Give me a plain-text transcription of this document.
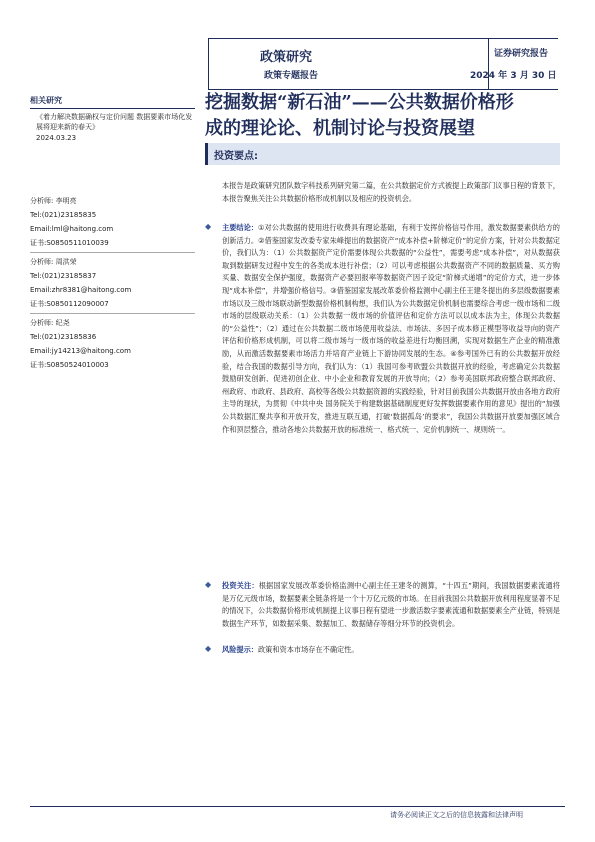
政策研究
政策专题报告
证券研究报告
2024 年 3 月 30 日
挖掘数据“新石油”——公共数据价格形
成的理论论、机制讨论与投资展望
投资要点:
相关研究
《着力解决数据确权与定价问题 数据要素市场化发展将迎来新的春天》
2024.03.23
分析师: 李明亮
Tel:(021)23185835
Email:lml@haitong.com
证书:S0850511010039
分析师: 周洪荣
Tel:(021)23185837
Email:zhr8381@haitong.com
证书:S0850112090007
分析师: 纪尧
Tel:(021)23185836
Email:jy14213@haitong.com
证书:S0850524010003
本报告是政策研究团队数字科技系列研究第二篇，在公共数据定价方式被提上政策部门议事日程的背景下，本报告聚焦关注公共数据价格形成机制以及相应的投资机会。
◆
主要结论：①对公共数据的使用进行收费具有理论基础，有利于发挥价格信号作用，激发数据要素供给方的创新活力。②借鉴国家发改委专家朱峰提出的数据资产“成本补偿+阶梯定价”的定价方案，针对公共数据定价，我们认为：（1）公共数据资产定价需要体现公共数据的“公益性”，需要考虑“成本补偿”，对从数据获取到数据研发过程中发生的各类成本进行补偿；（2）可以考虑根据公共数据资产不同的数据质量、买方购买量、数据安全保护强度，数据资产必要回报率等数据资产因子设定“阶梯式递增”的定价方式，进一步体现“成本补偿”，并增强价格信号。③借鉴国家发展改革委价格监测中心副主任王建冬提出的多层级数据要素市场以及三级市场联动新型数据价格机制构想，我们认为公共数据定价机制也需要综合考虑一级市场和二级市场的层级联动关系：（1）公共数据一级市场的价值评估和定价方法可以以成本法为主，体现公共数据的“公益性”；（2）通过在公共数据二级市场使用收益法、市场法、多因子成本修正模型等收益导向的资产评估和价格形成机制，可以将二级市场与一级市场的收益差进行均衡回溯，实现对数据生产企业的精准激励，从而激活数据要素市场活力并培育产业链上下游协同发展的生态。④参考国外已有的公共数据开放经验，结合我国的数据引导方向，我们认为：（1）我国可参考欧盟公共数据开放的经验，考虑确定公共数据鼓励研发创新、促进初创企业、中小企业和教育发展的开放导向；（2）参考美国联邦政府整合联邦政府、州政府、市政府、县政府、高校等各级公共数据资源的实践经验，针对目前我国公共数据开放由各地方政府主导的现状，为贯彻《中共中央 国务院关于构建数据基础制度更好发挥数据要素作用的意见》提出的“加强公共数据汇聚共享和开放开发，推进互联互通，打破‘数据孤岛’的要求”，我国公共数据开放要加强区域合作和顶层整合，推动各地公共数据开放的标准统一、格式统一、定价机制统一、规则统一。
◆
投资关注：根据国家发展改革委价格监测中心副主任王建冬的测算，“十四五”期间，我国数据要素流通将是万亿元级市场，数据要素全链条将是一个十万亿元级的市场。在目前我国公共数据开放利用程度显著不足的情况下，公共数据价格形成机制提上议事日程有望进一步激活数字要素流通和数据要素全产业链，特别是数据生产环节，如数据采集、数据加工、数据储存等细分环节的投资机会。
◆
风险提示：政策和资本市场存在不确定性。
请务必阅读正文之后的信息披露和法律声明
